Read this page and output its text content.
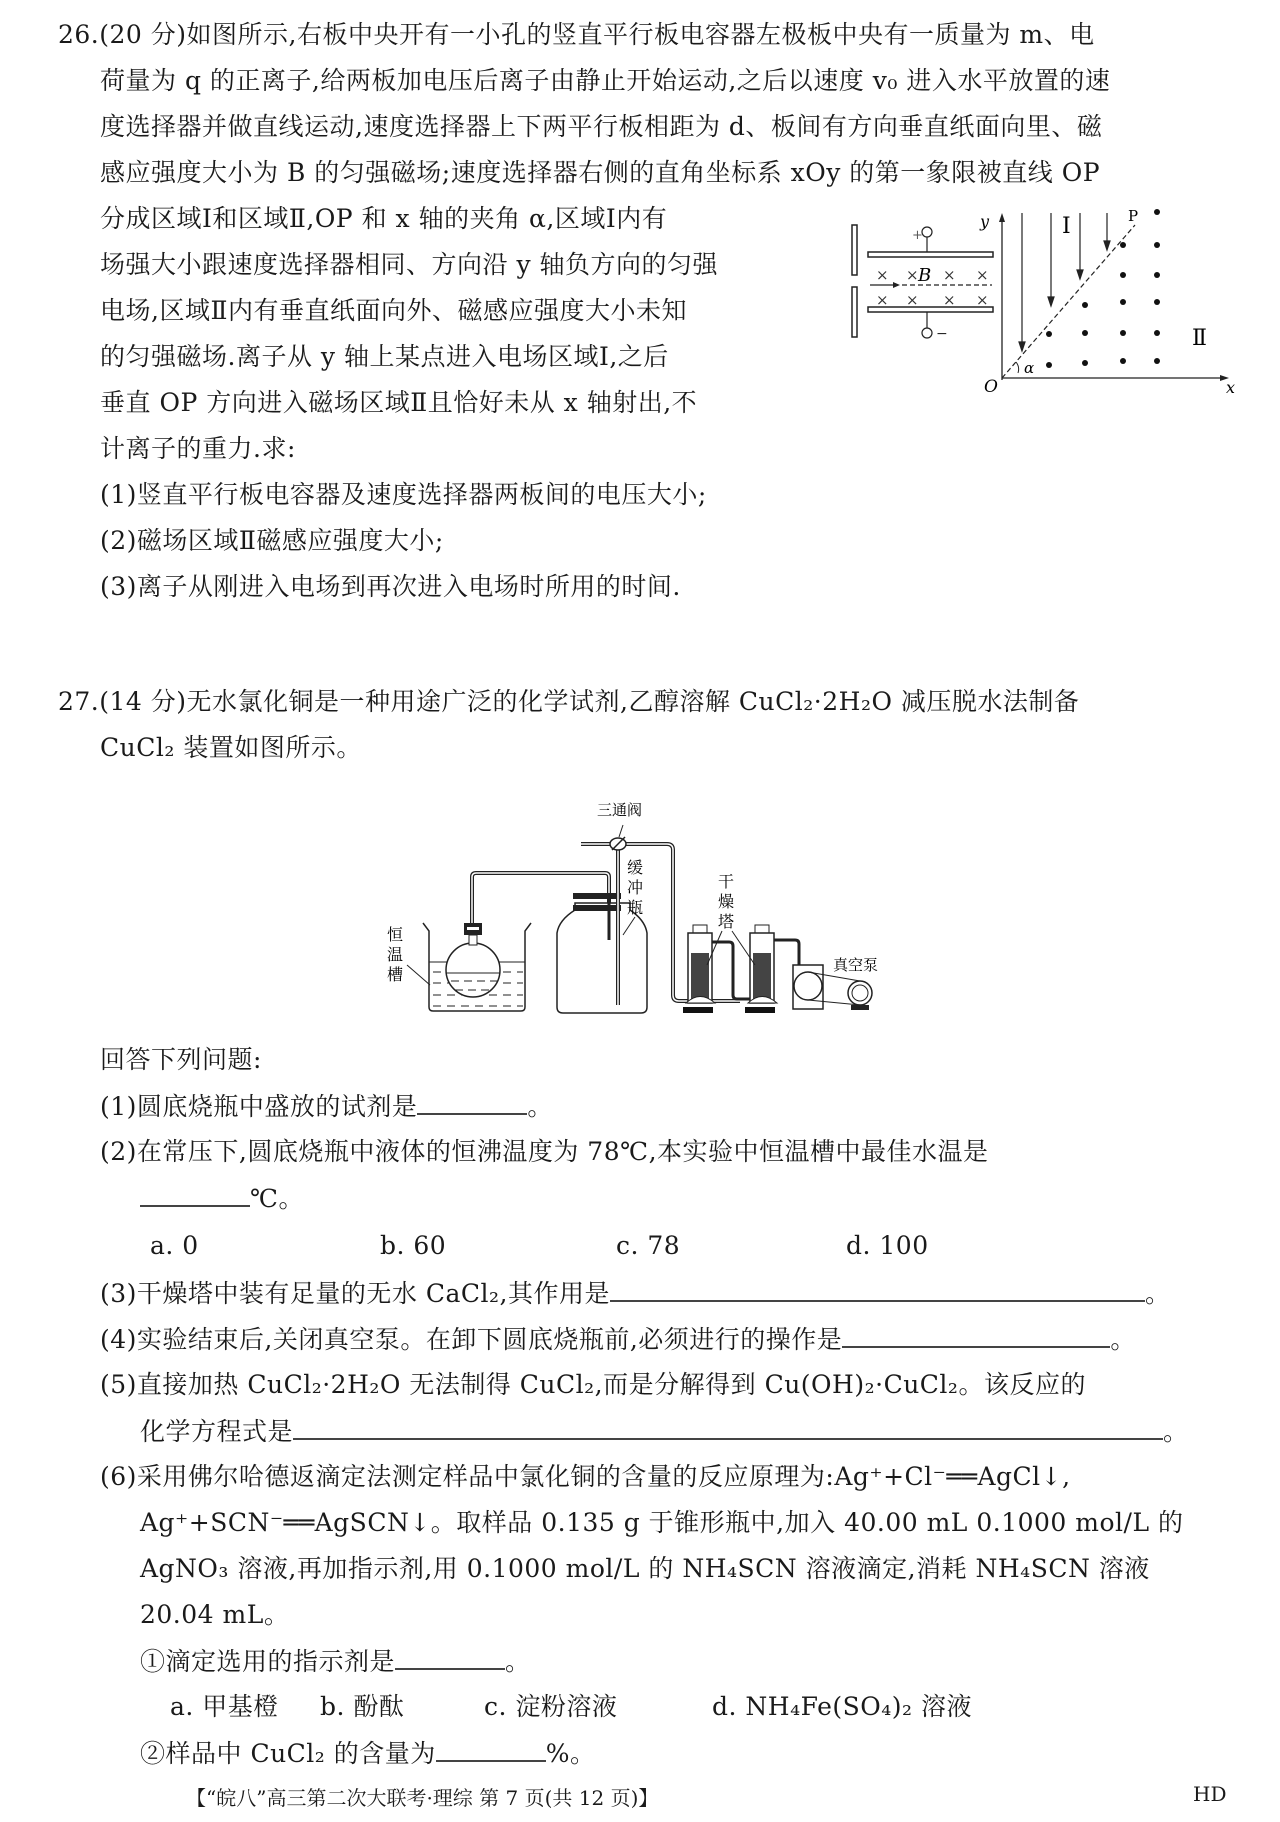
26.(20 分)如图所示,右板中央开有一小孔的竖直平行板电容器左极板中央有一质量为 m、电
荷量为 q 的正离子,给两板加电压后离子由静止开始运动,之后以速度 v₀ 进入水平放置的速
度选择器并做直线运动,速度选择器上下两平行板相距为 d、板间有方向垂直纸面向里、磁
感应强度大小为 B 的匀强磁场;速度选择器右侧的直角坐标系 xOy 的第一象限被直线 OP
分成区域Ⅰ和区域Ⅱ,OP 和 x 轴的夹角 α,区域Ⅰ内有
场强大小跟速度选择器相同、方向沿 y 轴负方向的匀强
电场,区域Ⅱ内有垂直纸面向外、磁感应强度大小未知
的匀强磁场.离子从 y 轴上某点进入电场区域Ⅰ,之后
垂直 OP 方向进入磁场区域Ⅱ且恰好未从 x 轴射出,不
计离子的重力.求:
(1)竖直平行板电容器及速度选择器两板间的电压大小;
(2)磁场区域Ⅱ磁感应强度大小;
(3)离子从刚进入电场到再次进入电场时所用的时间.
+
−
× × × ×
× × × ×
B
y
x
O
P
α
Ⅰ
Ⅱ
27.(14 分)无水氯化铜是一种用途广泛的化学试剂,乙醇溶解 CuCl₂·2H₂O 减压脱水法制备
CuCl₂ 装置如图所示。
三通阀
缓
冲
瓶
干
燥
塔
真空泵
恒
温
槽
回答下列问题:
(1)圆底烧瓶中盛放的试剂是	。
(2)在常压下,圆底烧瓶中液体的恒沸温度为 78℃,本实验中恒温槽中最佳水温是
℃。
a. 0	b. 60	c. 78	d. 100
(3)干燥塔中装有足量的无水 CaCl₂,其作用是	。
(4)实验结束后,关闭真空泵。在卸下圆底烧瓶前,必须进行的操作是	。
(5)直接加热 CuCl₂·2H₂O 无法制得 CuCl₂,而是分解得到 Cu(OH)₂·CuCl₂。该反应的
化学方程式是	。
(6)采用佛尔哈德返滴定法测定样品中氯化铜的含量的反应原理为:Ag⁺+Cl⁻══AgCl↓,
Ag⁺+SCN⁻══AgSCN↓。取样品 0.135 g 于锥形瓶中,加入 40.00 mL 0.1000 mol/L 的
AgNO₃ 溶液,再加指示剂,用 0.1000 mol/L 的 NH₄SCN 溶液滴定,消耗 NH₄SCN 溶液
20.04 mL。
①滴定选用的指示剂是	。
a. 甲基橙 b. 酚酞	c. 淀粉溶液	d. NH₄Fe(SO₄)₂ 溶液
②样品中 CuCl₂ 的含量为	%。
【“皖八”高三第二次大联考·理综 第 7 页(共 12 页)】	HD
